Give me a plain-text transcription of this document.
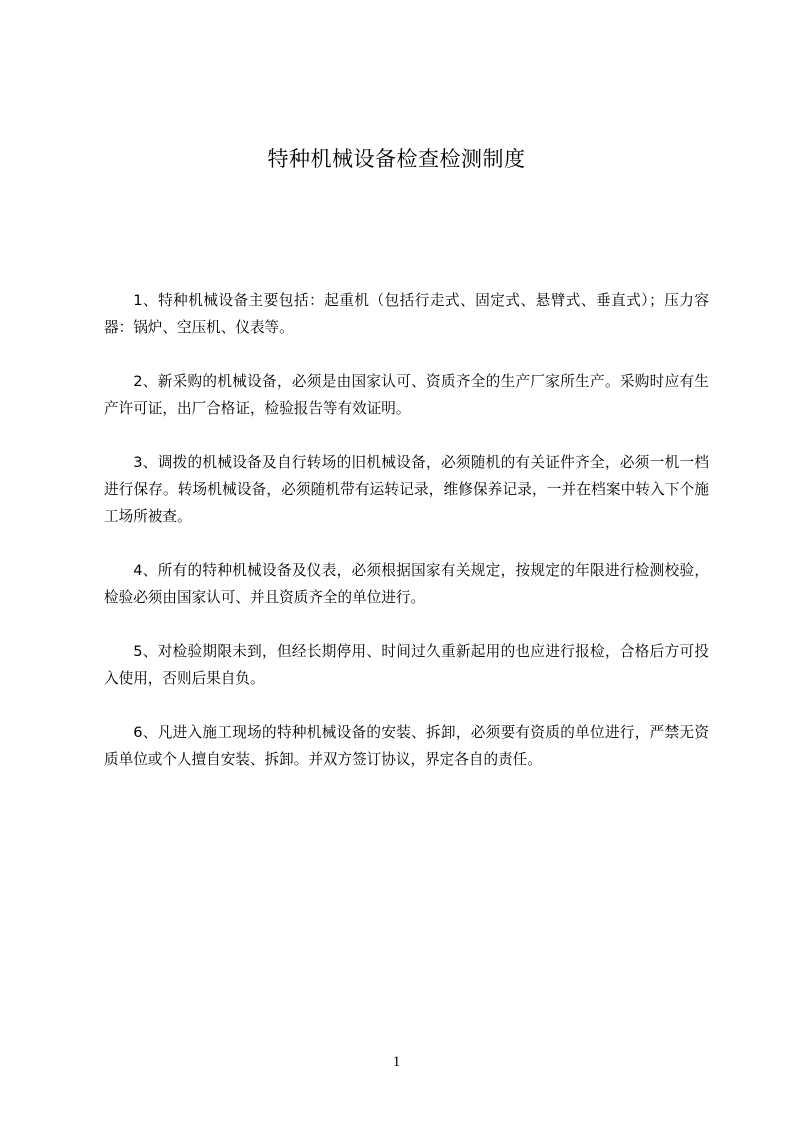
特种机械设备检查检测制度

1、特种机械设备主要包括：起重机（包括行走式、固定式、悬臂式、垂直式）；压力容器：锅炉、空压机、仪表等。

2、新采购的机械设备，必须是由国家认可、资质齐全的生产厂家所生产。采购时应有生产许可证，出厂合格证，检验报告等有效证明。

3、调拨的机械设备及自行转场的旧机械设备，必须随机的有关证件齐全，必须一机一档进行保存。转场机械设备，必须随机带有运转记录，维修保养记录，一并在档案中转入下个施工场所被查。

4、所有的特种机械设备及仪表，必须根据国家有关规定，按规定的年限进行检测校验，检验必须由国家认可、并且资质齐全的单位进行。

5、对检验期限未到，但经长期停用、时间过久重新起用的也应进行报检，合格后方可投入使用，否则后果自负。

6、凡进入施工现场的特种机械设备的安装、拆卸，必须要有资质的单位进行，严禁无资质单位或个人擅自安装、拆卸。并双方签订协议，界定各自的责任。

1
